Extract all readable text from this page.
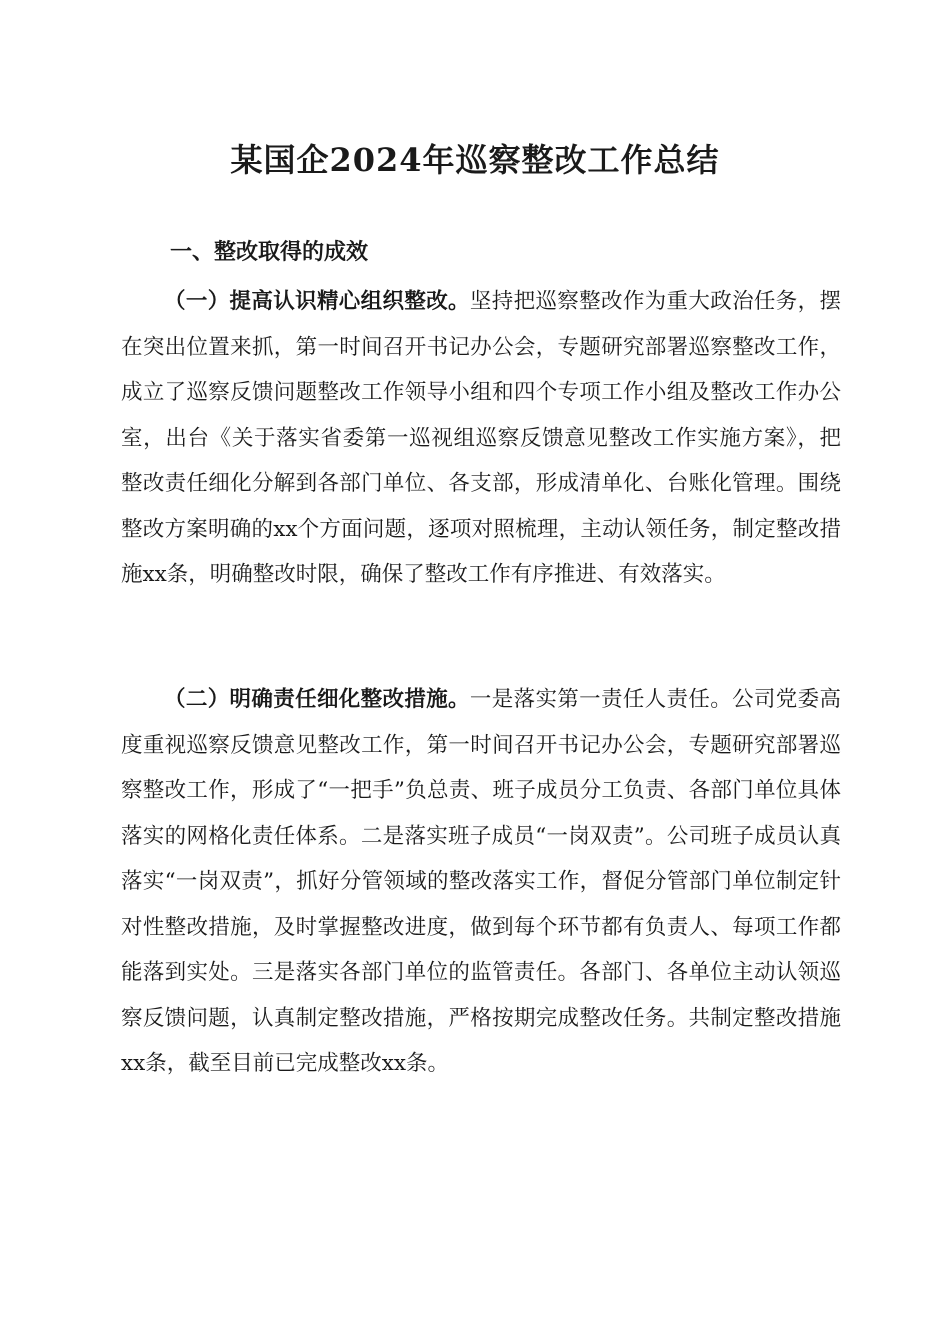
某国企2024年巡察整改工作总结
一、整改取得的成效

（一）提高认识精心组织整改。坚持把巡察整改作为重大政治任务，摆在突出位置来抓，第一时间召开书记办公会，专题研究部署巡察整改工作，成立了巡察反馈问题整改工作领导小组和四个专项工作小组及整改工作办公室，出台《关于落实省委第一巡视组巡察反馈意见整改工作实施方案》，把整改责任细化分解到各部门单位、各支部，形成清单化、台账化管理。围绕整改方案明确的xx个方面问题，逐项对照梳理，主动认领任务，制定整改措施xx条，明确整改时限，确保了整改工作有序推进、有效落实。

（二）明确责任细化整改措施。一是落实第一责任人责任。公司党委高度重视巡察反馈意见整改工作，第一时间召开书记办公会，专题研究部署巡察整改工作，形成了“一把手”负总责、班子成员分工负责、各部门单位具体落实的网格化责任体系。二是落实班子成员“一岗双责”。公司班子成员认真落实“一岗双责”，抓好分管领域的整改落实工作，督促分管部门单位制定针对性整改措施，及时掌握整改进度，做到每个环节都有负责人、每项工作都能落到实处。三是落实各部门单位的监管责任。各部门、各单位主动认领巡察反馈问题，认真制定整改措施，严格按期完成整改任务。共制定整改措施xx条，截至目前已完成整改xx条。
